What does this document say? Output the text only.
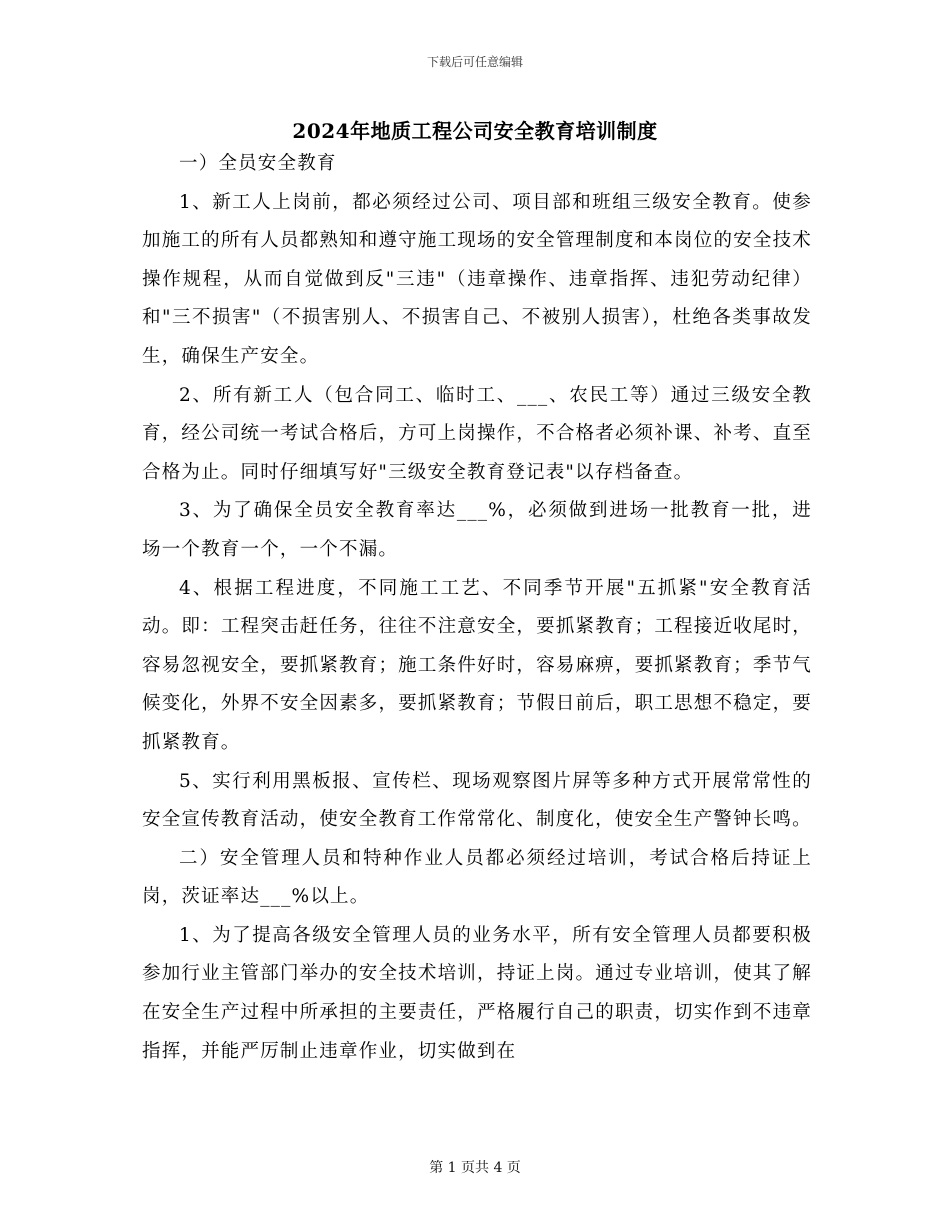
下载后可任意编辑
2024年地质工程公司安全教育培训制度

一）全员安全教育

1、新工人上岗前，都必须经过公司、项目部和班组三级安全教育。使参加施工的所有人员都熟知和遵守施工现场的安全管理制度和本岗位的安全技术操作规程，从而自觉做到反"三违"（违章操作、违章指挥、违犯劳动纪律）和"三不损害"（不损害别人、不损害自己、不被别人损害），杜绝各类事故发生，确保生产安全。

2、所有新工人（包合同工、临时工、___、农民工等）通过三级安全教育，经公司统一考试合格后，方可上岗操作，不合格者必须补课、补考、直至合格为止。同时仔细填写好"三级安全教育登记表"以存档备查。

3、为了确保全员安全教育率达___%，必须做到进场一批教育一批，进场一个教育一个，一个不漏。

4、根据工程进度，不同施工工艺、不同季节开展"五抓紧"安全教育活动。即：工程突击赶任务，往往不注意安全，要抓紧教育；工程接近收尾时，容易忽视安全，要抓紧教育；施工条件好时，容易麻痹，要抓紧教育；季节气候变化，外界不安全因素多，要抓紧教育；节假日前后，职工思想不稳定，要抓紧教育。

5、实行利用黑板报、宣传栏、现场观察图片屏等多种方式开展常常性的安全宣传教育活动，使安全教育工作常常化、制度化，使安全生产警钟长鸣。

二）安全管理人员和特种作业人员都必须经过培训，考试合格后持证上岗，茨证率达___%以上。

1、为了提高各级安全管理人员的业务水平，所有安全管理人员都要积极参加行业主管部门举办的安全技术培训，持证上岗。通过专业培训，使其了解在安全生产过程中所承担的主要责任，严格履行自己的职责，切实作到不违章指挥，并能严厉制止违章作业，切实做到在

第 1 页共 4 页
